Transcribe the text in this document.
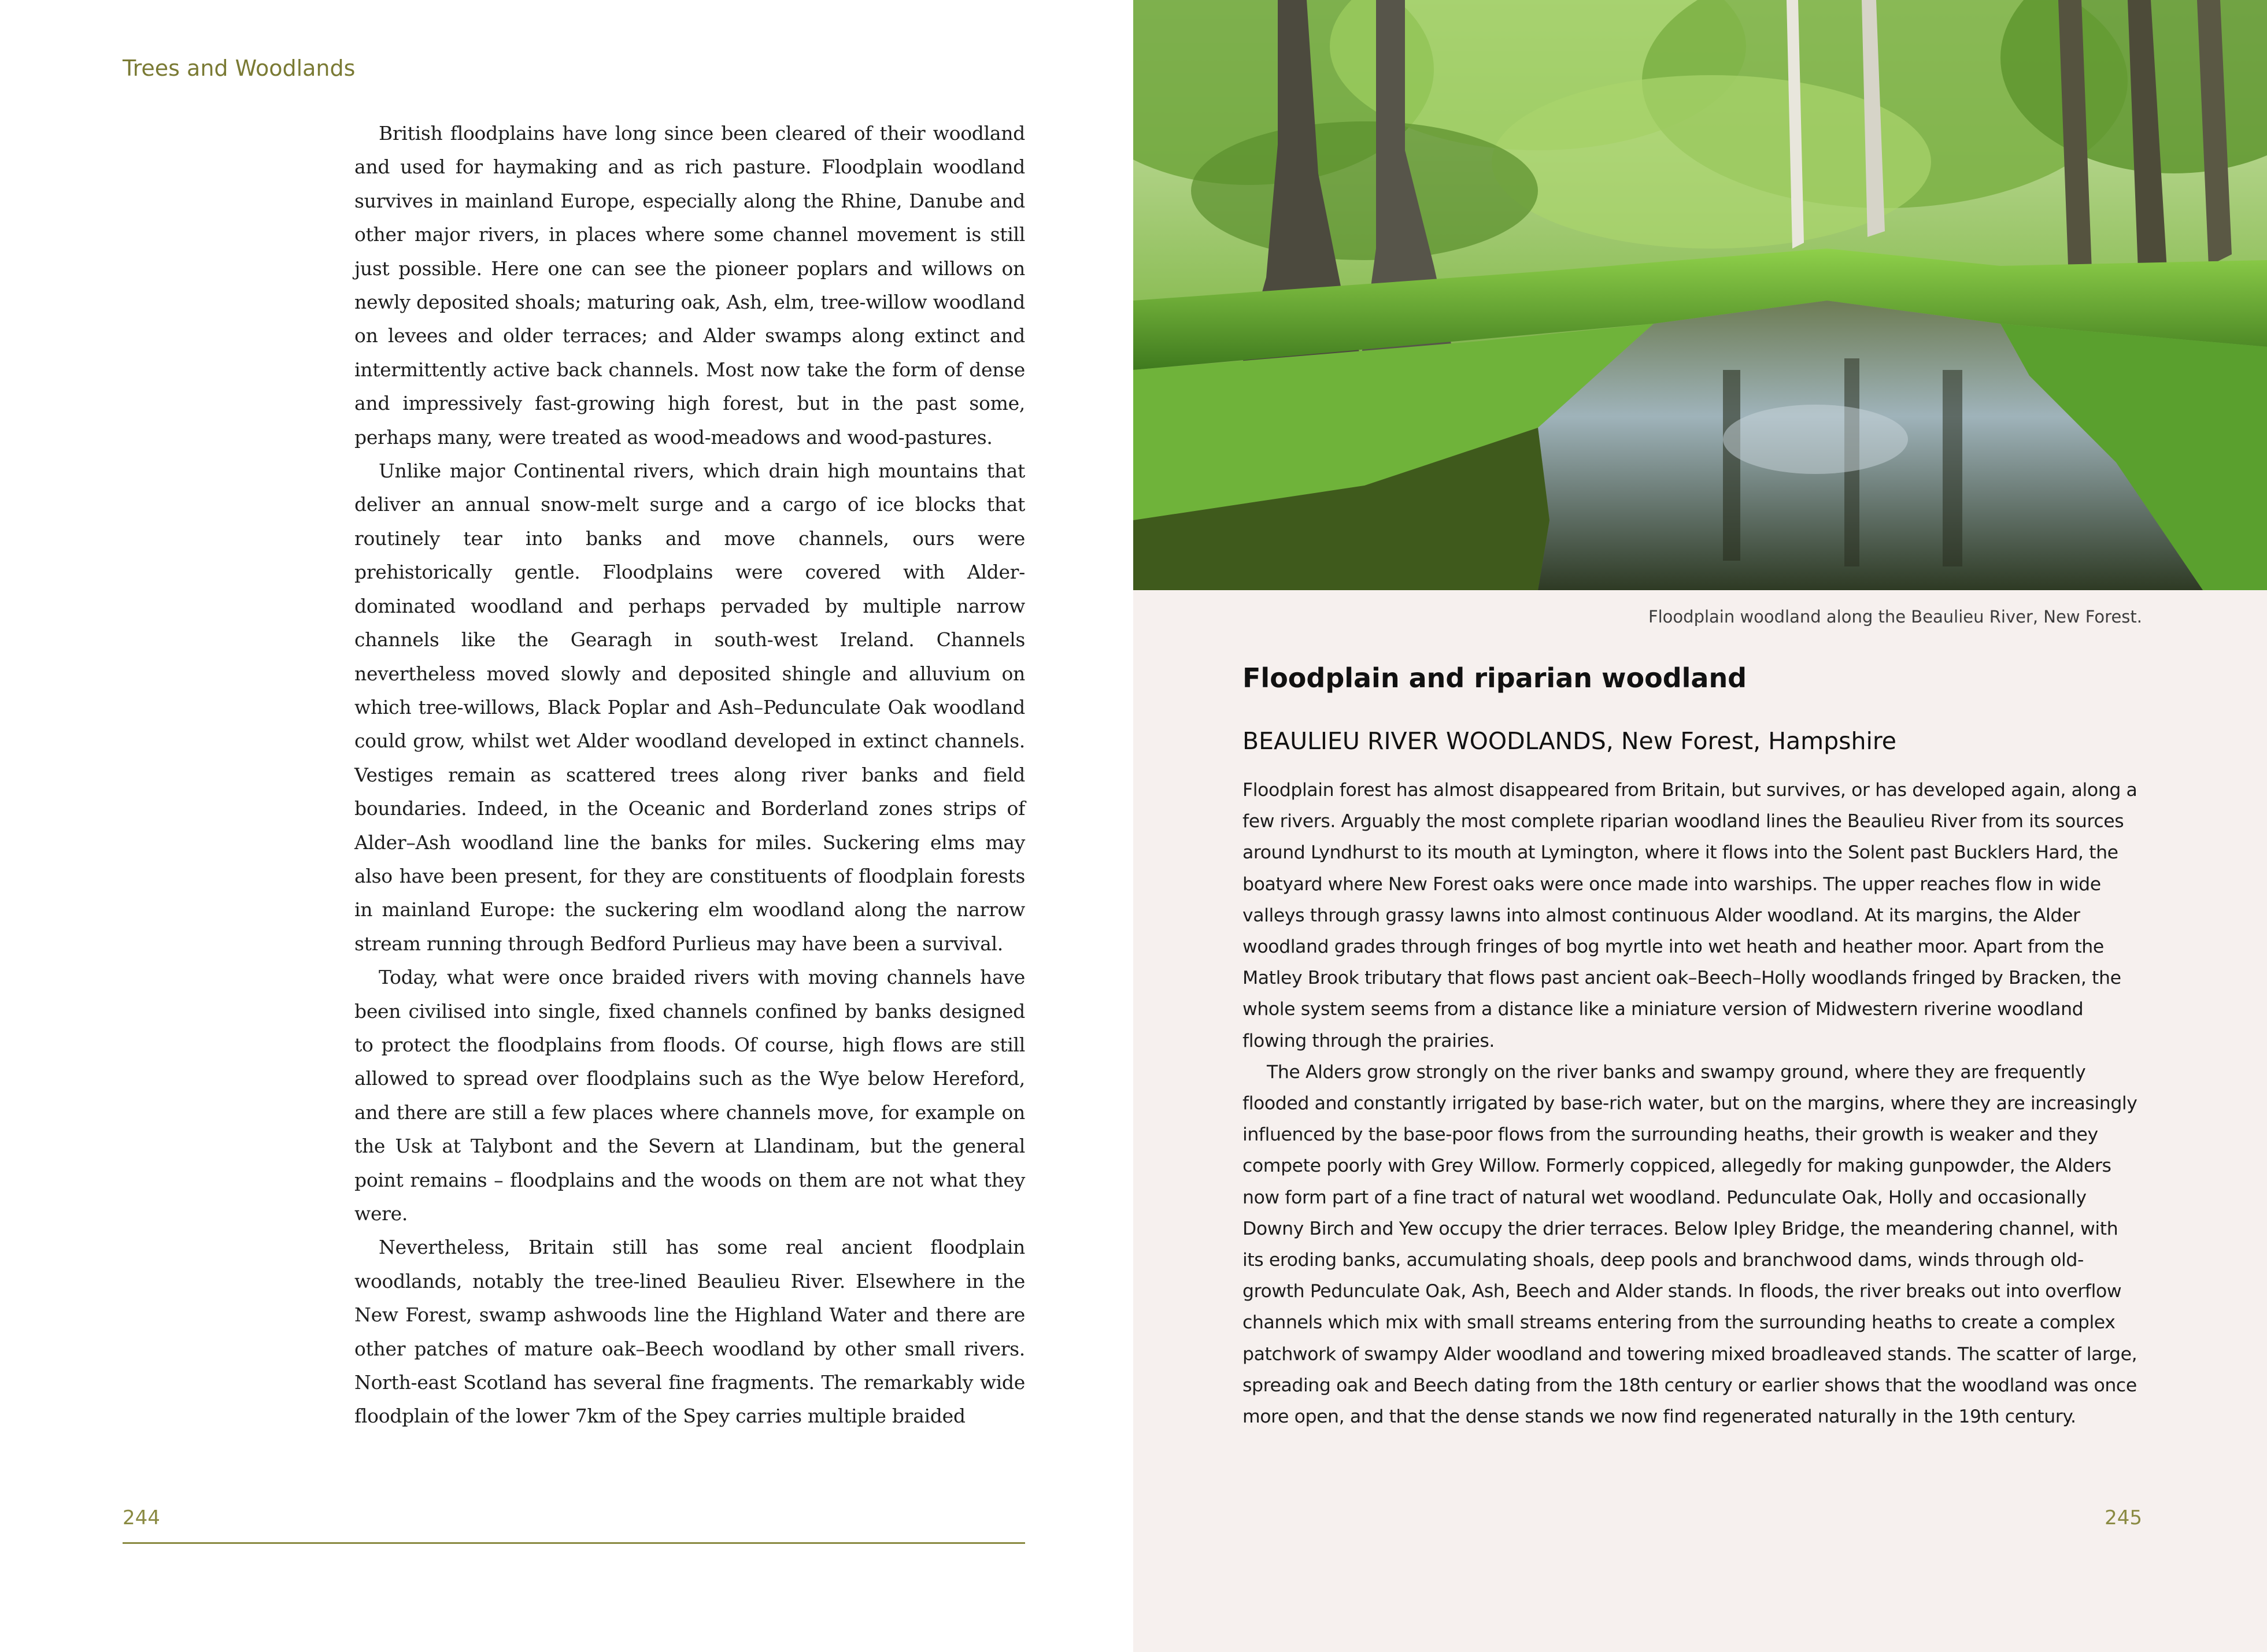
Trees and Woodlands

British floodplains have long since been cleared of their woodland and used for haymaking and as rich pasture. Floodplain woodland survives in mainland Europe, especially along the Rhine, Danube and other major rivers, in places where some channel movement is still just possible. Here one can see the pioneer poplars and willows on newly deposited shoals; maturing oak, Ash, elm, tree-willow woodland on levees and older terraces; and Alder swamps along extinct and intermittently active back channels. Most now take the form of dense and impressively fast-growing high forest, but in the past some, perhaps many, were treated as wood-meadows and wood-pastures.

Unlike major Continental rivers, which drain high mountains that deliver an annual snow-melt surge and a cargo of ice blocks that routinely tear into banks and move channels, ours were prehistorically gentle. Floodplains were covered with Alder-dominated woodland and perhaps pervaded by multiple narrow channels like the Gearagh in south-west Ireland. Channels nevertheless moved slowly and deposited shingle and alluvium on which tree-willows, Black Poplar and Ash–Pedunculate Oak woodland could grow, whilst wet Alder woodland developed in extinct channels. Vestiges remain as scattered trees along river banks and field boundaries. Indeed, in the Oceanic and Borderland zones strips of Alder–Ash woodland line the banks for miles. Suckering elms may also have been present, for they are constituents of floodplain forests in mainland Europe: the suckering elm woodland along the narrow stream running through Bedford Purlieus may have been a survival.

Today, what were once braided rivers with moving channels have been civilised into single, fixed channels confined by banks designed to protect the floodplains from floods. Of course, high flows are still allowed to spread over floodplains such as the Wye below Hereford, and there are still a few places where channels move, for example on the Usk at Talybont and the Severn at Llandinam, but the general point remains – floodplains and the woods on them are not what they were.

Nevertheless, Britain still has some real ancient floodplain woodlands, notably the tree-lined Beaulieu River. Elsewhere in the New Forest, swamp ashwoods line the Highland Water and there are other patches of mature oak–Beech woodland by other small rivers. North-east Scotland has several fine fragments. The remarkably wide floodplain of the lower 7km of the Spey carries multiple braided

244
Floodplain woodland along the Beaulieu River, New Forest.
Floodplain and riparian woodland
BEAULIEU RIVER WOODLANDS, New Forest, Hampshire

Floodplain forest has almost disappeared from Britain, but survives, or has developed again, along a few rivers. Arguably the most complete riparian woodland lines the Beaulieu River from its sources around Lyndhurst to its mouth at Lymington, where it flows into the Solent past Bucklers Hard, the boatyard where New Forest oaks were once made into warships. The upper reaches flow in wide valleys through grassy lawns into almost continuous Alder woodland. At its margins, the Alder woodland grades through fringes of bog myrtle into wet heath and heather moor. Apart from the Matley Brook tributary that flows past ancient oak–Beech–Holly woodlands fringed by Bracken, the whole system seems from a distance like a miniature version of Midwestern riverine woodland flowing through the prairies.

The Alders grow strongly on the river banks and swampy ground, where they are frequently flooded and constantly irrigated by base-rich water, but on the margins, where they are increasingly influenced by the base-poor flows from the surrounding heaths, their growth is weaker and they compete poorly with Grey Willow. Formerly coppiced, allegedly for making gunpowder, the Alders now form part of a fine tract of natural wet woodland. Pedunculate Oak, Holly and occasionally Downy Birch and Yew occupy the drier terraces. Below Ipley Bridge, the meandering channel, with its eroding banks, accumulating shoals, deep pools and branchwood dams, winds through old-growth Pedunculate Oak, Ash, Beech and Alder stands. In floods, the river breaks out into overflow channels which mix with small streams entering from the surrounding heaths to create a complex patchwork of swampy Alder woodland and towering mixed broadleaved stands. The scatter of large, spreading oak and Beech dating from the 18th century or earlier shows that the woodland was once more open, and that the dense stands we now find regenerated naturally in the 19th century.

245
